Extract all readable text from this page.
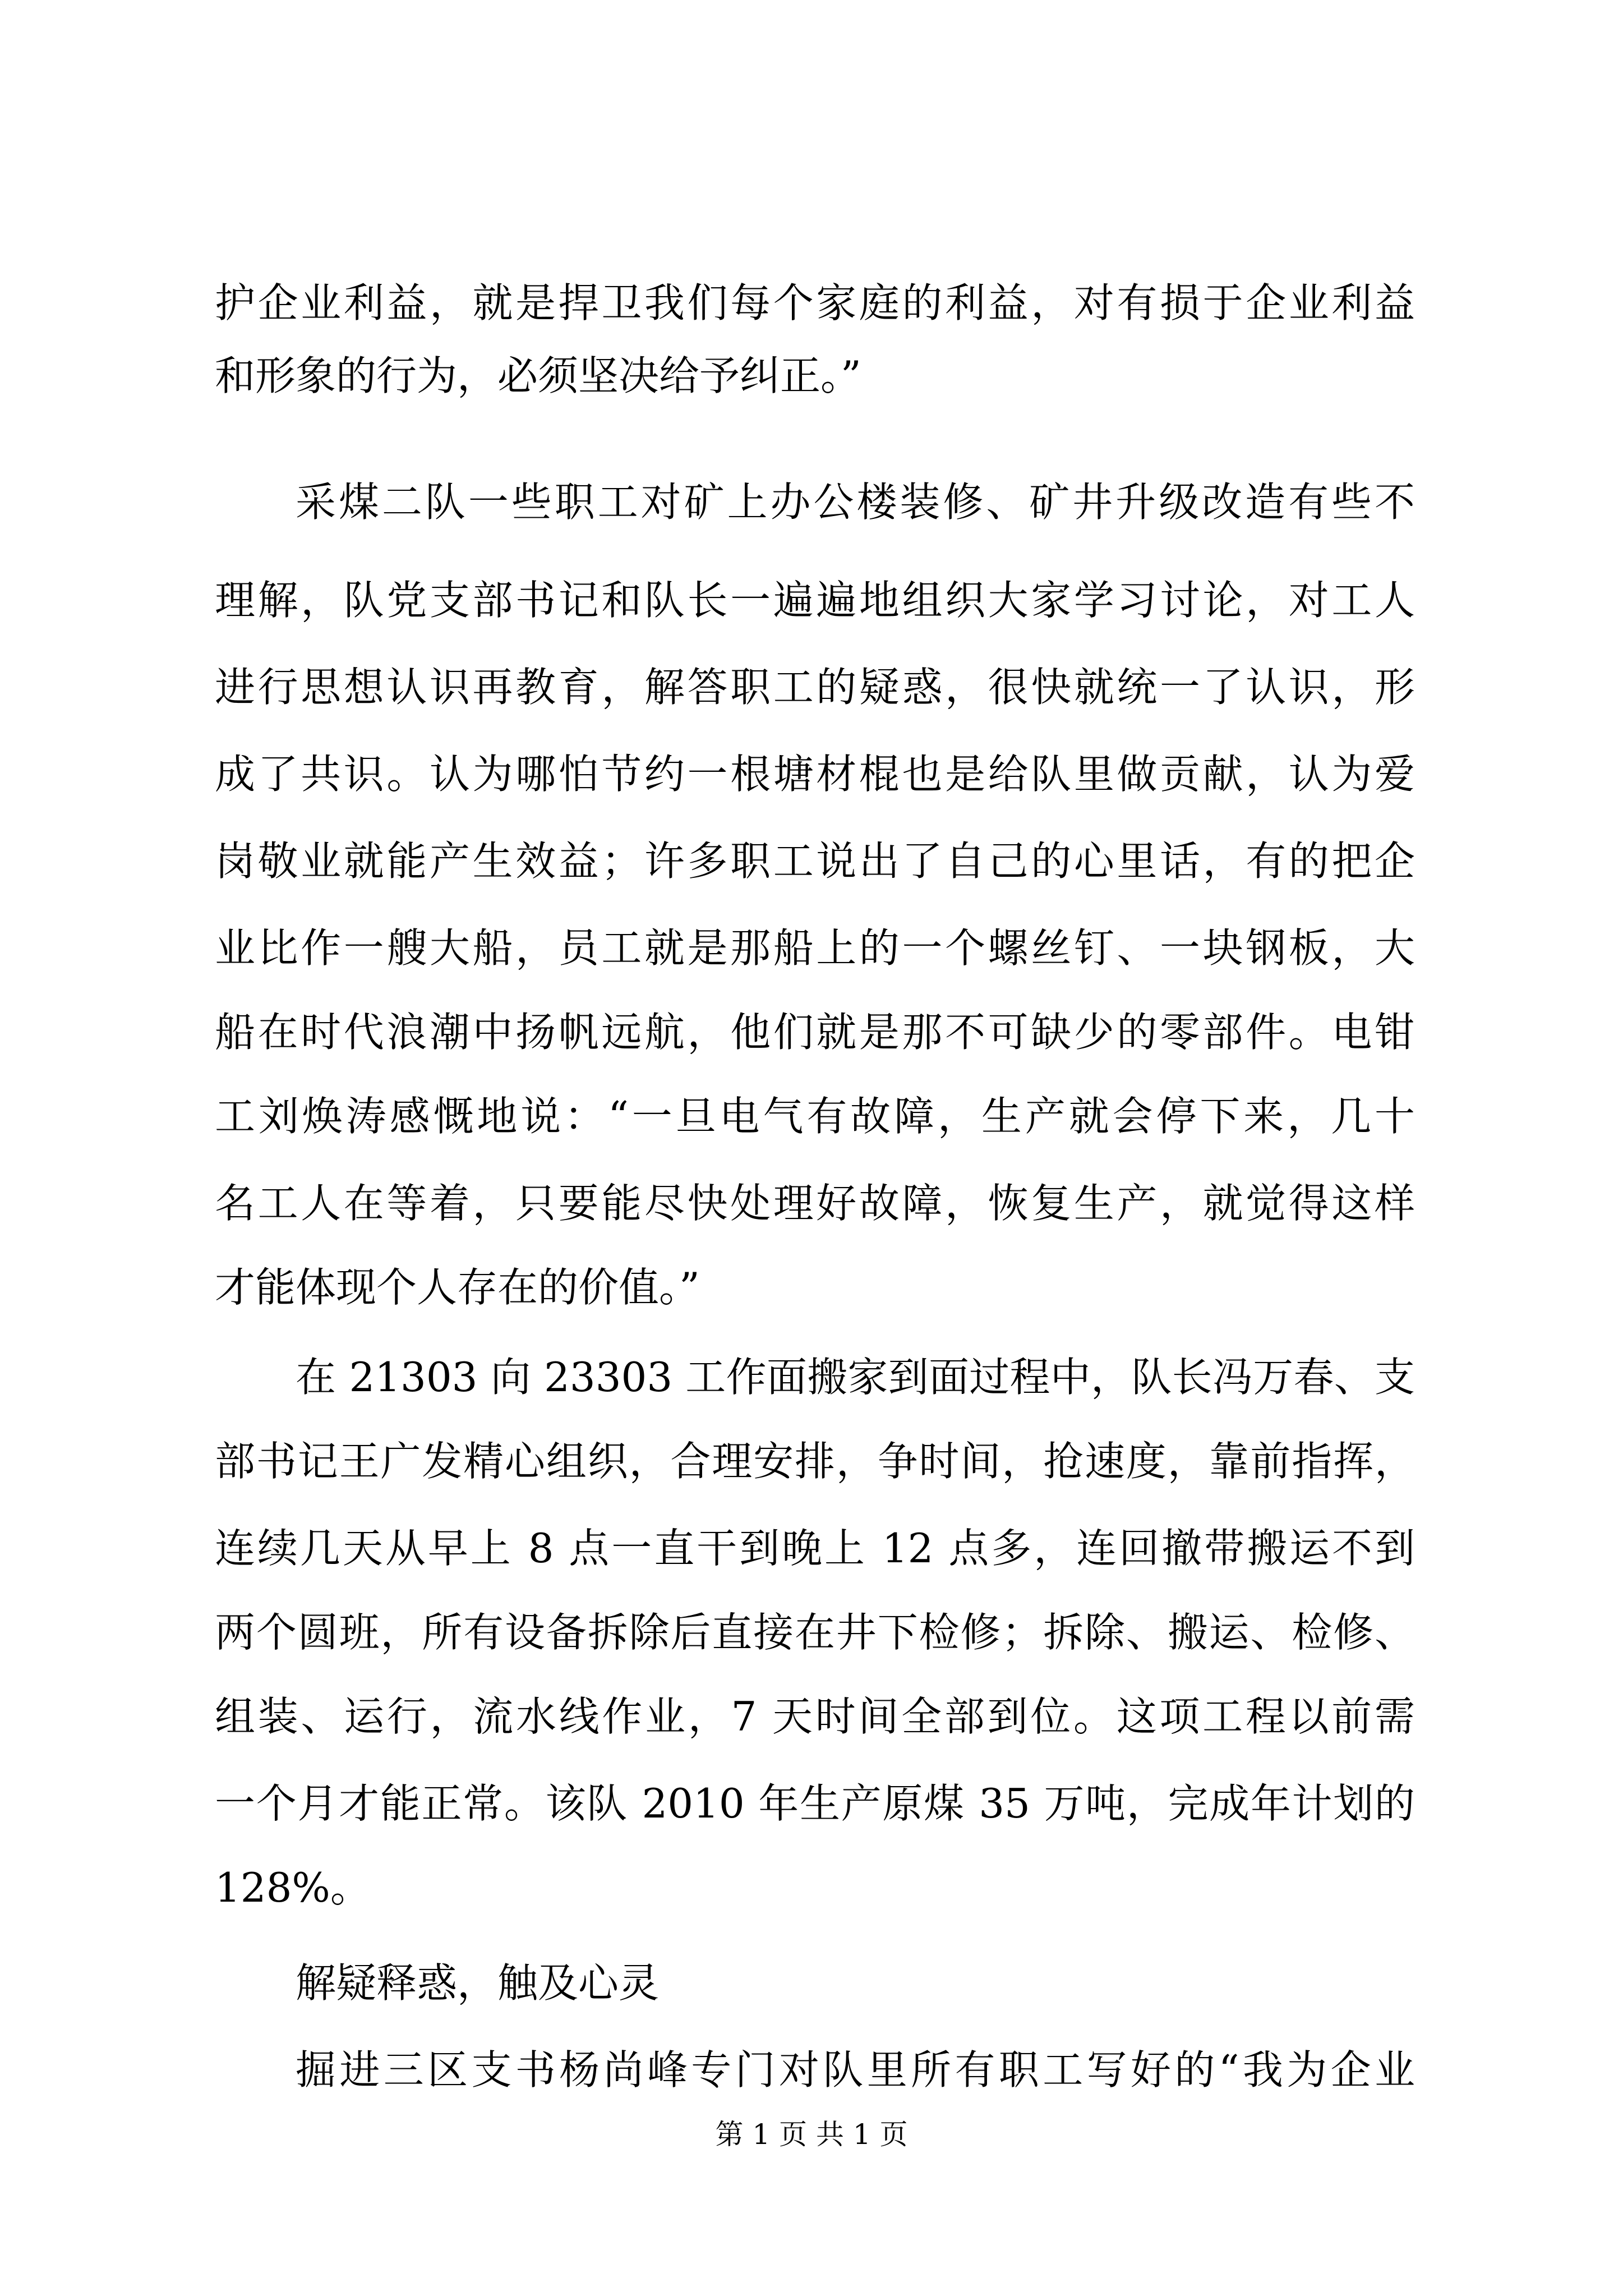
护企业利益，就是捍卫我们每个家庭的利益，对有损于企业利益
和形象的行为，必须坚决给予纠正。”
采煤二队一些职工对矿上办公楼装修、矿井升级改造有些不
理解，队党支部书记和队长一遍遍地组织大家学习讨论，对工人
进行思想认识再教育，解答职工的疑惑，很快就统一了认识，形
成了共识。认为哪怕节约一根塘材棍也是给队里做贡献，认为爱
岗敬业就能产生效益；许多职工说出了自己的心里话，有的把企
业比作一艘大船，员工就是那船上的一个螺丝钉、一块钢板，大
船在时代浪潮中扬帆远航，他们就是那不可缺少的零部件。电钳
工刘焕涛感慨地说：“一旦电气有故障，生产就会停下来，几十
名工人在等着，只要能尽快处理好故障，恢复生产，就觉得这样
才能体现个人存在的价值。”
在 21303 向 23303 工作面搬家到面过程中，队长冯万春、支
部书记王广发精心组织，合理安排，争时间，抢速度，靠前指挥，
连续几天从早上 8 点一直干到晚上 12 点多，连回撤带搬运不到
两个圆班，所有设备拆除后直接在井下检修；拆除、搬运、检修、
组装、运行，流水线作业，7 天时间全部到位。这项工程以前需
一个月才能正常。该队 2010 年生产原煤 35 万吨，完成年计划的
128%。
解疑释惑，触及心灵
掘进三区支书杨尚峰专门对队里所有职工写好的“我为企业
第 1 页 共 1 页
